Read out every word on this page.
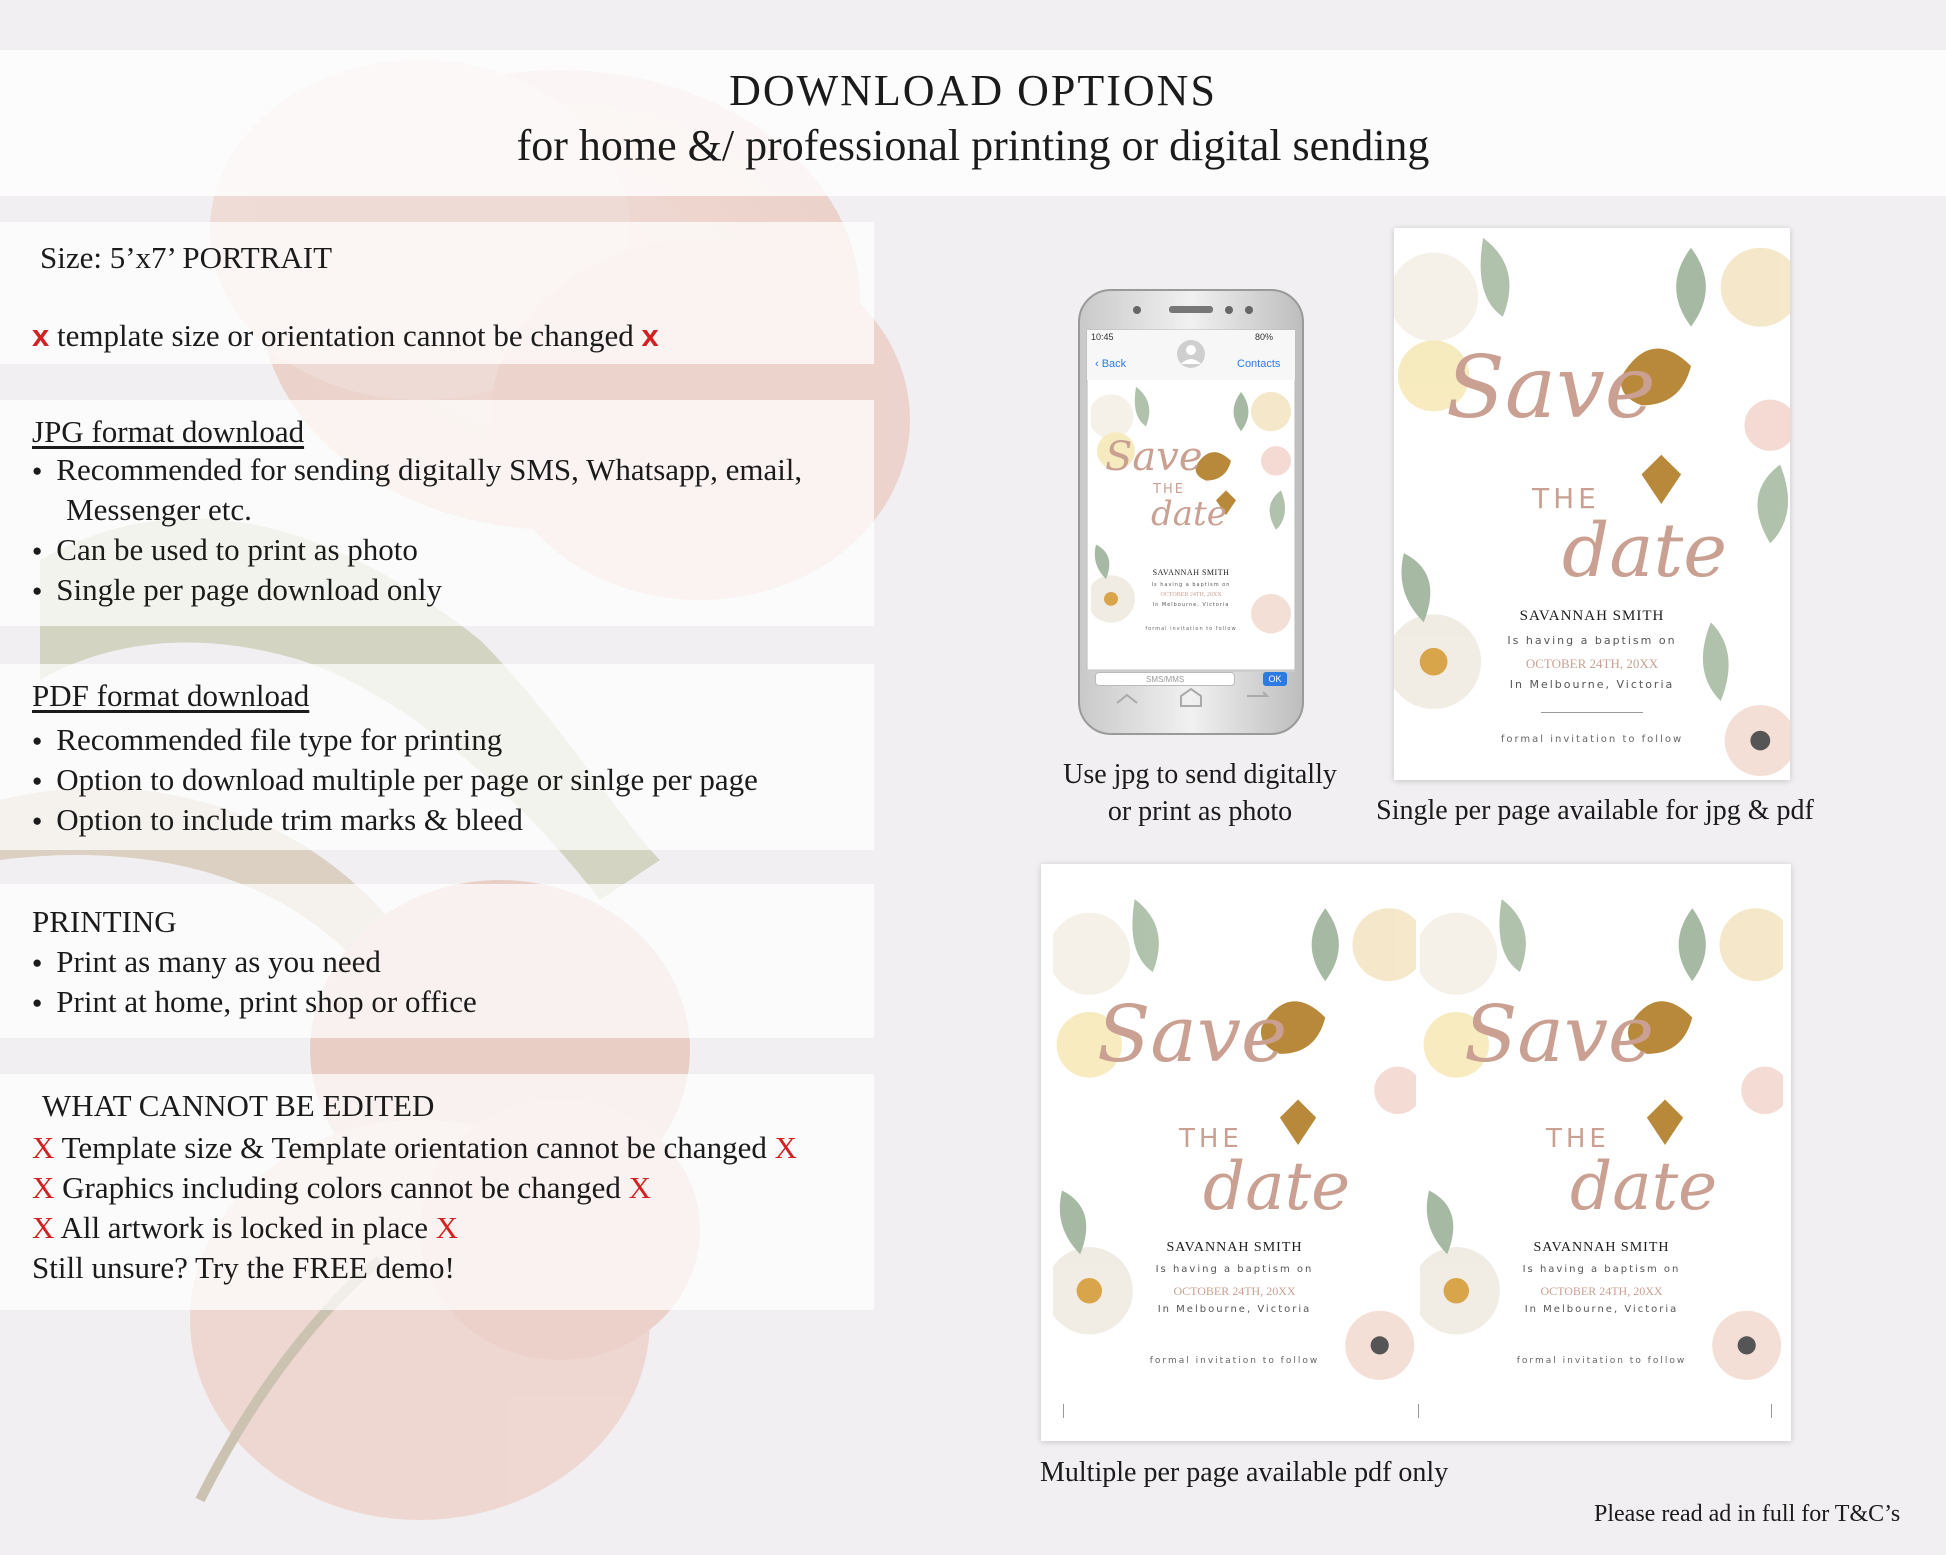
DOWNLOAD OPTIONS
for home &/ professional printing or digital sending
Size: 5’x7’ PORTRAIT
x template size or orientation cannot be changed x
JPG format download
● Recommended for sending digitally SMS, Whatsapp, email,
Messenger etc.
● Can be used to print as photo
● Single per page download only
PDF format download
● Recommended file type for printing
● Option to download multiple per page or sinlge per page
● Option to include trim marks & bleed
PRINTING
● Print as many as you need
● Print at home, print shop or office
WHAT CANNOT BE EDITED
X Template size & Template orientation cannot be changed X
X Graphics including colors cannot be changed X
X All artwork is locked in place X
Still unsure? Try the FREE demo!
10:45	80%
‹ Back	Contacts
Save
THE
date
SAVANNAH SMITH
Is having a baptism on
OCTOBER 24TH, 20XX
In Melbourne, Victoria
formal invitation to follow
SMS/MMS	OK
Use jpg to send digitally
or print as photo
Save
THE
date
SAVANNAH SMITH
Is having a baptism on
OCTOBER 24TH, 20XX
In Melbourne, Victoria
formal invitation to follow
Single per page available for jpg & pdf
Save
THE
date
SAVANNAH SMITH
Is having a baptism on
OCTOBER 24TH, 20XX
In Melbourne, Victoria
formal invitation to follow
Save
THE
date
SAVANNAH SMITH
Is having a baptism on
OCTOBER 24TH, 20XX
In Melbourne, Victoria
formal invitation to follow
Multiple per page available pdf only
Please read ad in full for T&C’s
